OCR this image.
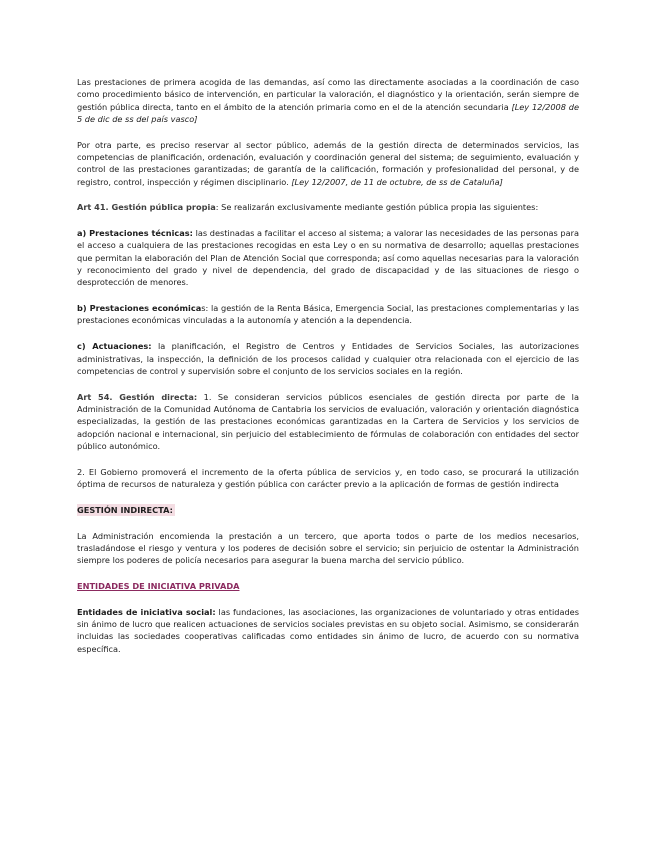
Las prestaciones de primera acogida de las demandas, así como las directamente asociadas a la coordinación de caso como procedimiento básico de intervención, en particular la valoración, el diagnóstico y la orientación, serán siempre de gestión pública directa, tanto en el ámbito de la atención primaria como en el de la atención secundaria [Ley 12/2008 de 5 de dic de ss del país vasco]

Por otra parte, es preciso reservar al sector público, además de la gestión directa de determinados servicios, las competencias de planificación, ordenación, evaluación y coordinación general del sistema; de seguimiento, evaluación y control de las prestaciones garantizadas; de garantía de la calificación, formación y profesionalidad del personal, y de registro, control, inspección y régimen disciplinario. [Ley 12/2007, de 11 de octubre, de ss de Cataluña]

Art 41. Gestión pública propia: Se realizarán exclusivamente mediante gestión pública propia las siguientes:

a) Prestaciones técnicas: las destinadas a facilitar el acceso al sistema; a valorar las necesidades de las personas para el acceso a cualquiera de las prestaciones recogidas en esta Ley o en su normativa de desarrollo; aquellas prestaciones que permitan la elaboración del Plan de Atención Social que corresponda; así como aquellas necesarias para la valoración y reconocimiento del grado y nivel de dependencia, del grado de discapacidad y de las situaciones de riesgo o desprotección de menores.

b) Prestaciones económicas: la gestión de la Renta Básica, Emergencia Social, las prestaciones complementarias y las prestaciones económicas vinculadas a la autonomía y atención a la dependencia.

c) Actuaciones: la planificación, el Registro de Centros y Entidades de Servicios Sociales, las autorizaciones administrativas, la inspección, la definición de los procesos calidad y cualquier otra relacionada con el ejercicio de las competencias de control y supervisión sobre el conjunto de los servicios sociales en la región.

Art 54. Gestión directa: 1. Se consideran servicios públicos esenciales de gestión directa por parte de la Administración de la Comunidad Autónoma de Cantabria los servicios de evaluación, valoración y orientación diagnóstica especializadas, la gestión de las prestaciones económicas garantizadas en la Cartera de Servicios y los servicios de adopción nacional e internacional, sin perjuicio del establecimiento de fórmulas de colaboración con entidades del sector público autonómico.

2. El Gobierno promoverá el incremento de la oferta pública de servicios y, en todo caso, se procurará la utilización óptima de recursos de naturaleza y gestión pública con carácter previo a la aplicación de formas de gestión indirecta

GESTIÓN INDIRECTA:

La Administración encomienda la prestación a un tercero, que aporta todos o parte de los medios necesarios, trasladándose el riesgo y ventura y los poderes de decisión sobre el servicio; sin perjuicio de ostentar la Administración siempre los poderes de policía necesarios para asegurar la buena marcha del servicio público.

ENTIDADES DE INICIATIVA PRIVADA

Entidades de iniciativa social: las fundaciones, las asociaciones, las organizaciones de voluntariado y otras entidades sin ánimo de lucro que realicen actuaciones de servicios sociales previstas en su objeto social. Asimismo, se considerarán incluidas las sociedades cooperativas calificadas como entidades sin ánimo de lucro, de acuerdo con su normativa específica.
